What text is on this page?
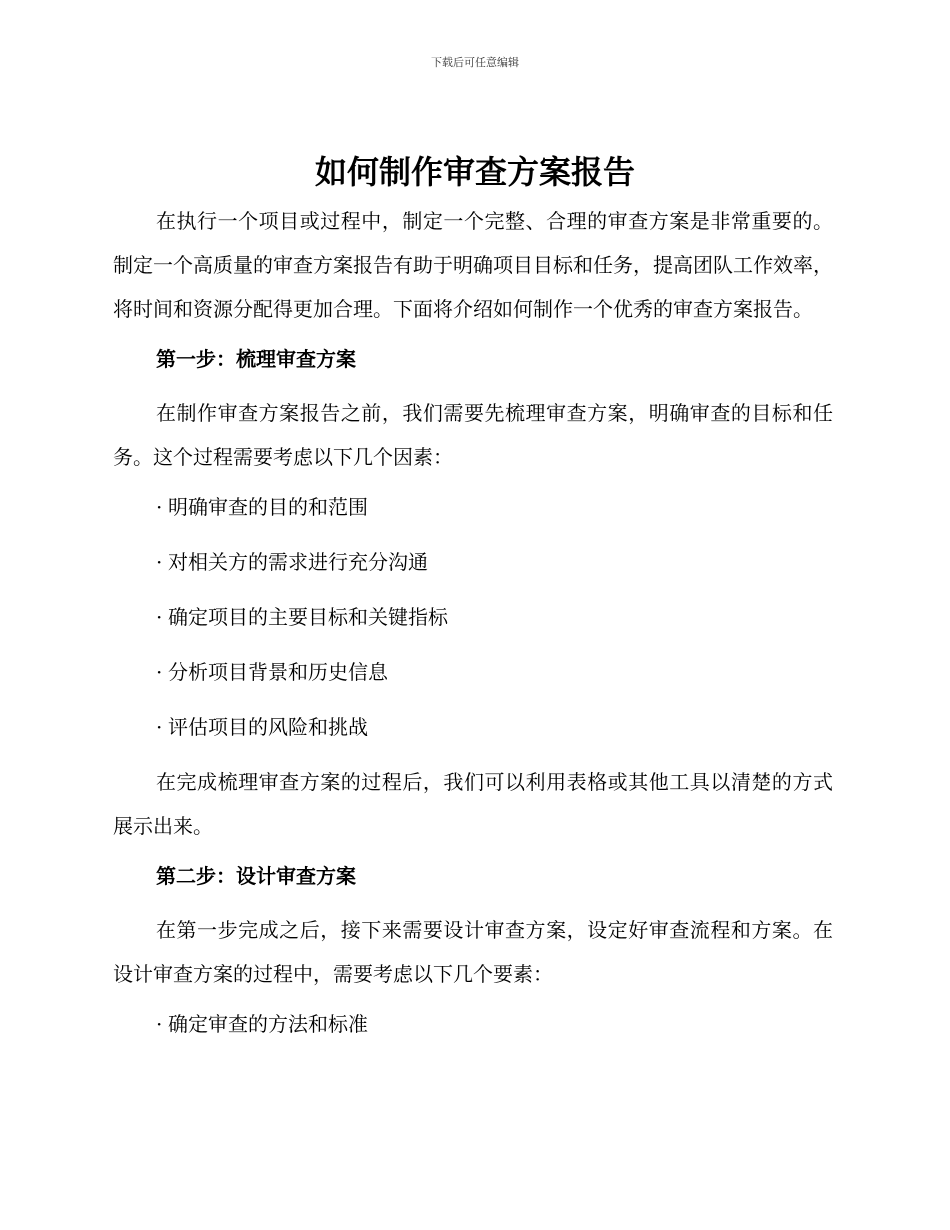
下载后可任意编辑
如何制作审查方案报告

在执行一个项目或过程中，制定一个完整、合理的审查方案是非常重要的。制定一个高质量的审查方案报告有助于明确项目目标和任务，提高团队工作效率，将时间和资源分配得更加合理。下面将介绍如何制作一个优秀的审查方案报告。

第一步：梳理审查方案

在制作审查方案报告之前，我们需要先梳理审查方案，明确审查的目标和任务。这个过程需要考虑以下几个因素：

· 明确审查的目的和范围
· 对相关方的需求进行充分沟通
· 确定项目的主要目标和关键指标
· 分析项目背景和历史信息
· 评估项目的风险和挑战

在完成梳理审查方案的过程后，我们可以利用表格或其他工具以清楚的方式展示出来。

第二步：设计审查方案

在第一步完成之后，接下来需要设计审查方案，设定好审查流程和方案。在设计审查方案的过程中，需要考虑以下几个要素：

· 确定审查的方法和标准
